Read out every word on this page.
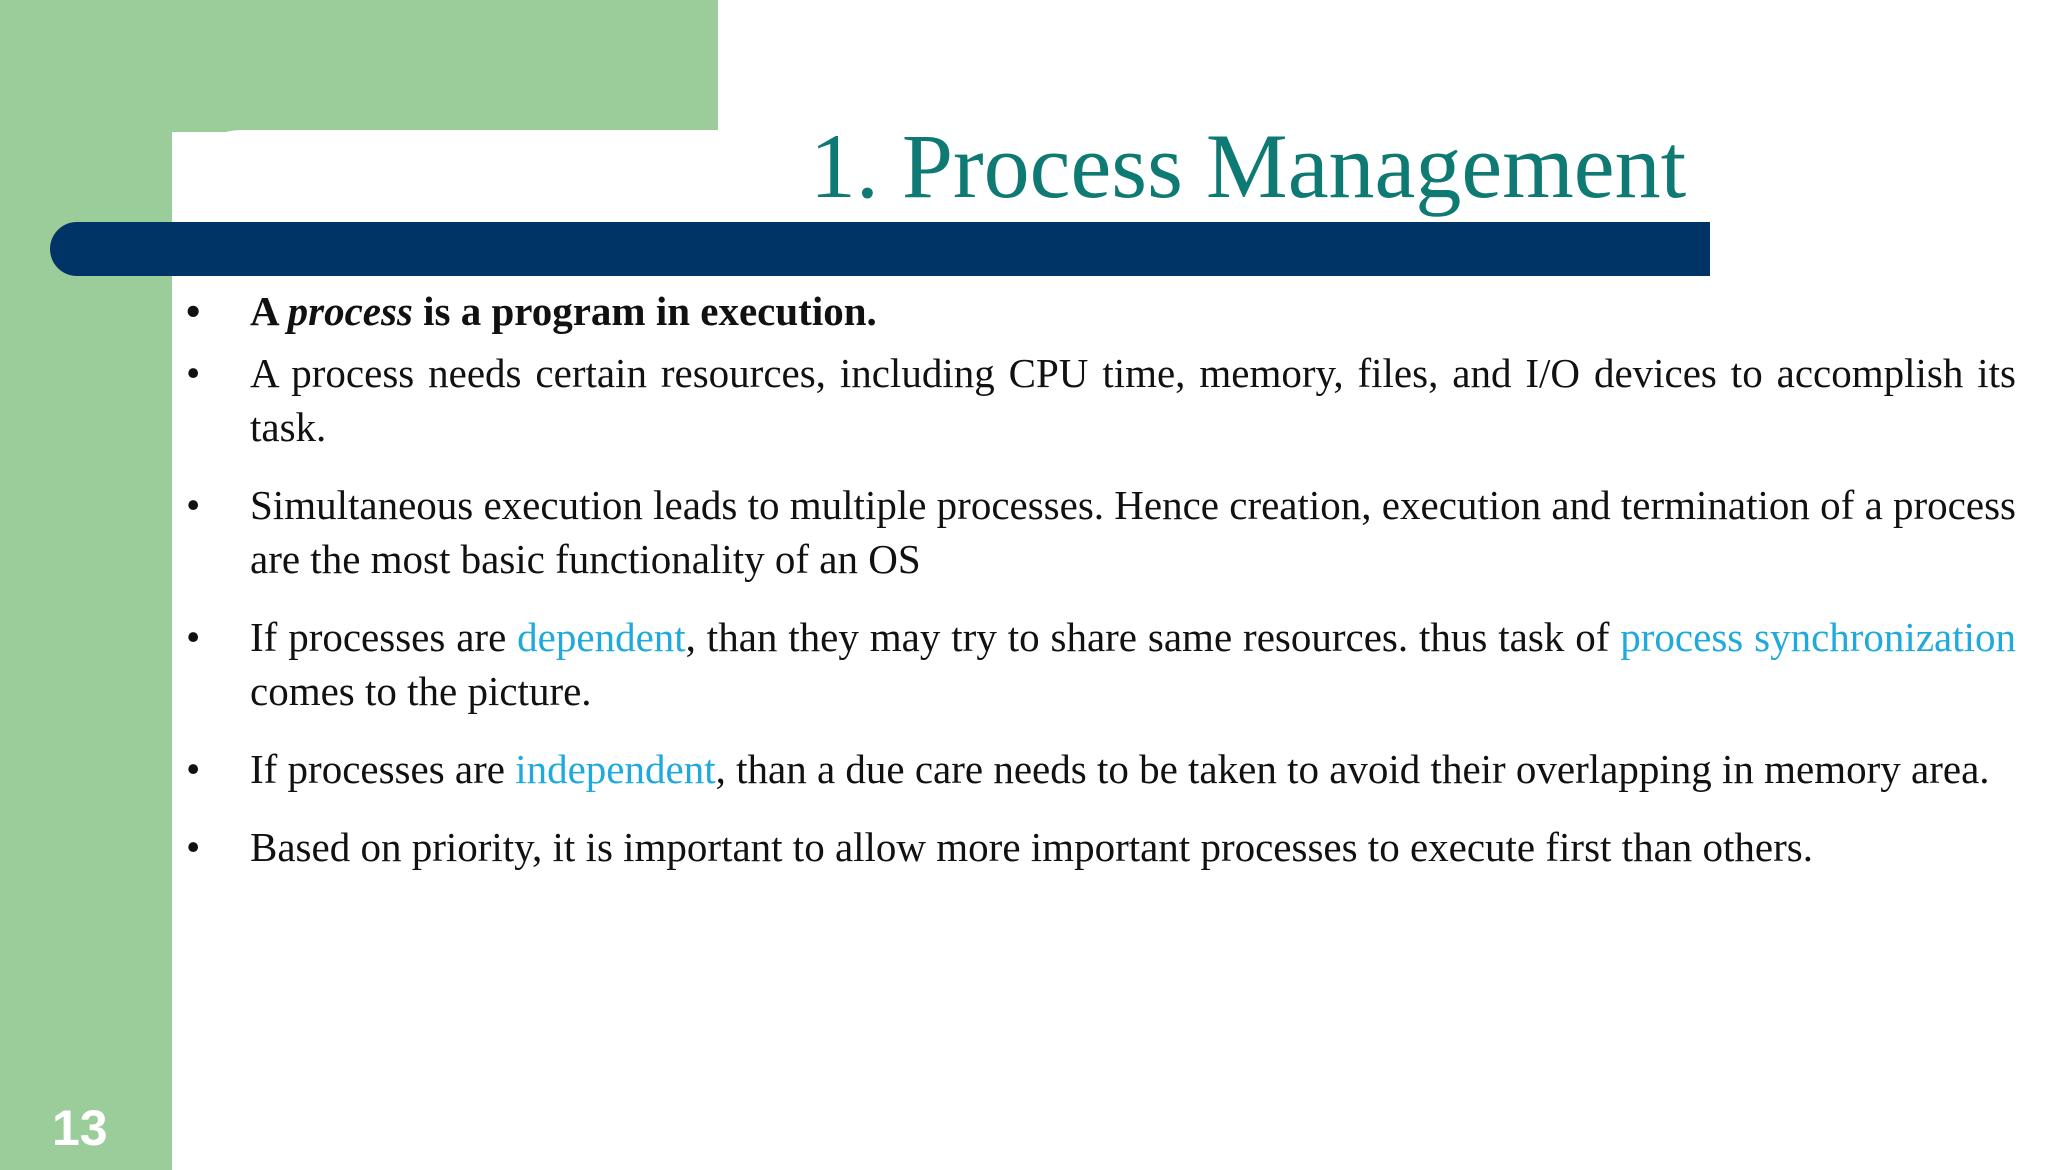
1. Process Management
• A process is a program in execution.
• A process needs certain resources, including CPU time, memory, files, and I/O devices to accomplish its task.
• Simultaneous execution leads to multiple processes. Hence creation, execution and termination of a process are the most basic functionality of an OS
• If processes are dependent, than they may try to share same resources. thus task of process synchronization comes to the picture.
• If processes are independent, than a due care needs to be taken to avoid their overlapping in memory area.
• Based on priority, it is important to allow more important processes to execute first than others.
13
